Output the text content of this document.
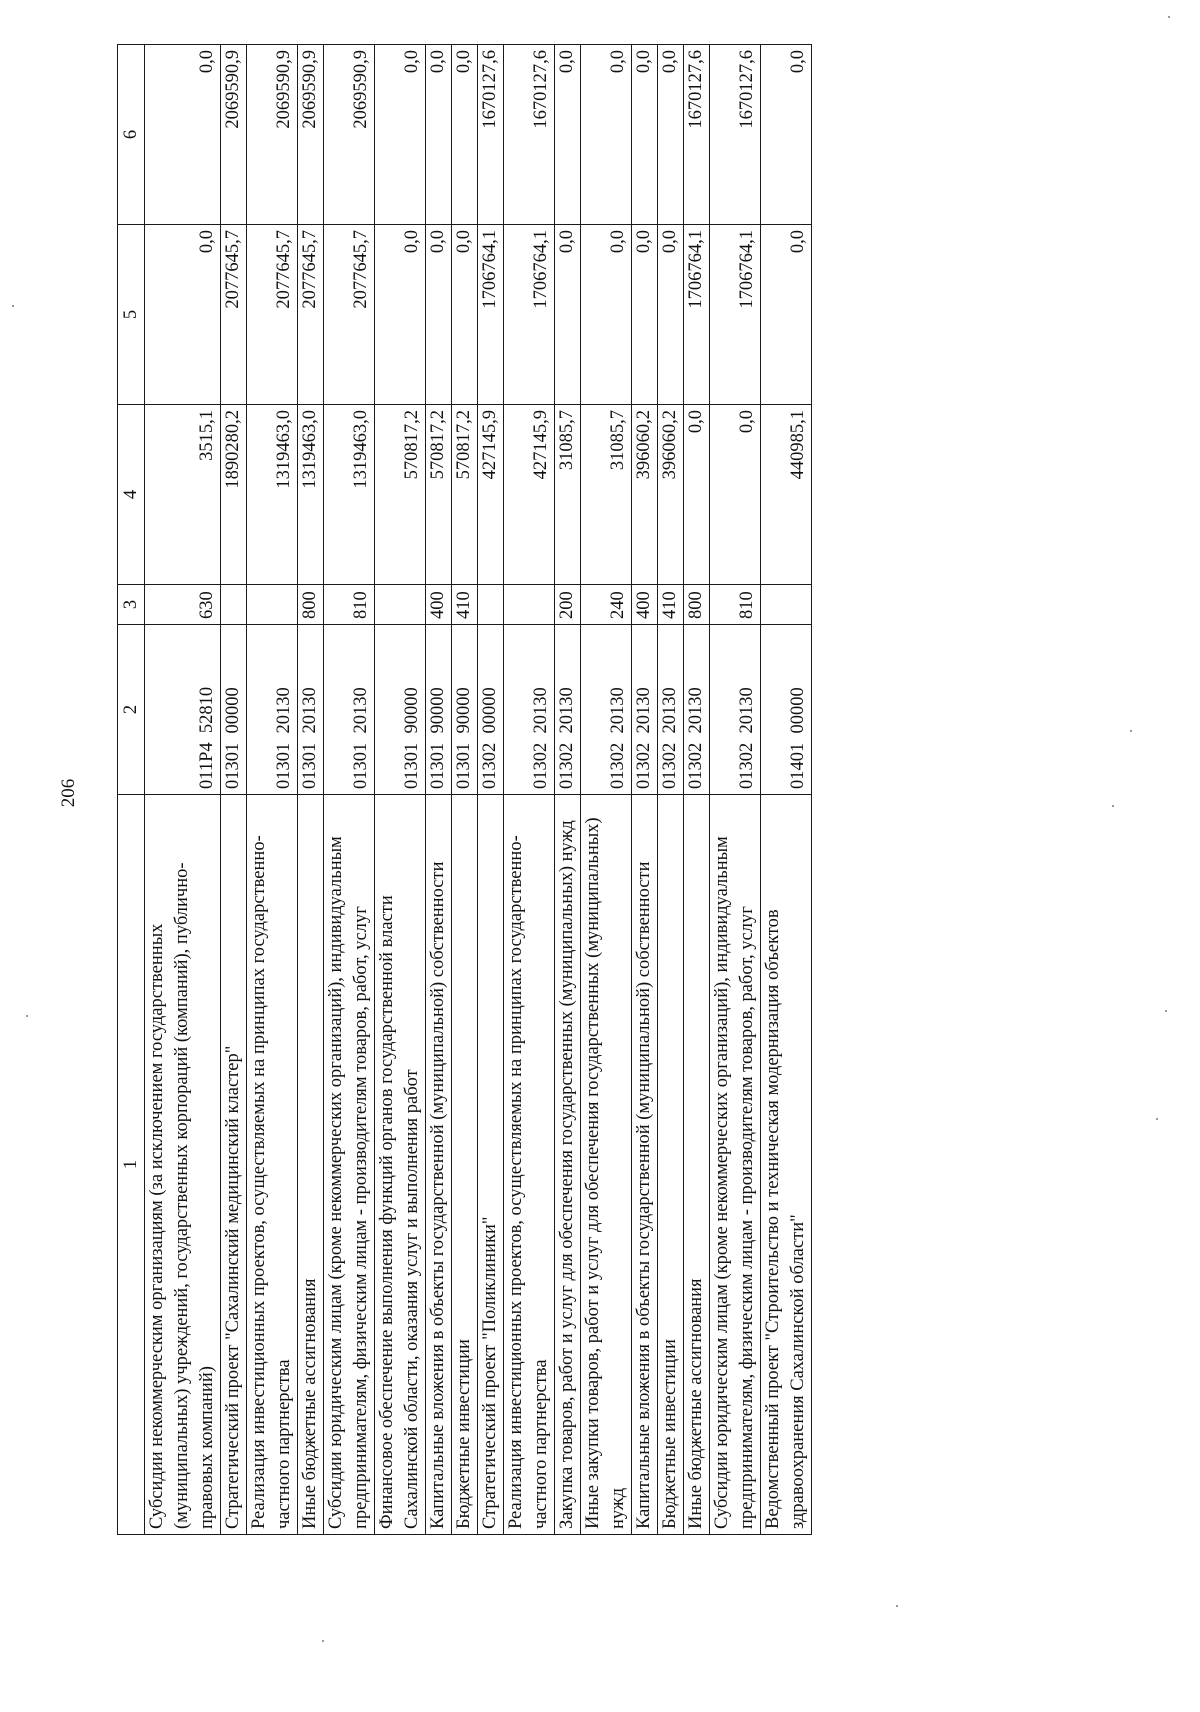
206
1	2	3	4	5	6
Субсидии некоммерческим организациям (за исключением государственных (муниципальных) учреждений, государственных корпораций (компаний), публично-правовых компаний)	011P4  52810	630	3515,1	0,0	0,0
Стратегический проект "Сахалинский медицинский кластер"	01301  00000		1890280,2	2077645,7	2069590,9
Реализация инвестиционных проектов, осуществляемых на принципах государственно-частного партнерства	01301  20130		1319463,0	2077645,7	2069590,9
Иные бюджетные ассигнования	01301  20130	800	1319463,0	2077645,7	2069590,9
Субсидии юридическим лицам (кроме некоммерческих организаций), индивидуальным предпринимателям, физическим лицам - производителям товаров, работ, услуг	01301  20130	810	1319463,0	2077645,7	2069590,9
Финансовое обеспечение выполнения функций органов государственной власти Сахалинской области, оказания услуг и выполнения работ	01301  90000		570817,2	0,0	0,0
Капитальные вложения в объекты государственной (муниципальной) собственности	01301  90000	400	570817,2	0,0	0,0
Бюджетные инвестиции	01301  90000	410	570817,2	0,0	0,0
Стратегический проект "Поликлиники"	01302  00000		427145,9	1706764,1	1670127,6
Реализация инвестиционных проектов, осуществляемых на принципах государственно-частного партнерства	01302  20130		427145,9	1706764,1	1670127,6
Закупка товаров, работ и услуг для обеспечения государственных (муниципальных) нужд	01302  20130	200	31085,7	0,0	0,0
Иные закупки товаров, работ и услуг для обеспечения государственных (муниципальных) нужд	01302  20130	240	31085,7	0,0	0,0
Капитальные вложения в объекты государственной (муниципальной) собственности	01302  20130	400	396060,2	0,0	0,0
Бюджетные инвестиции	01302  20130	410	396060,2	0,0	0,0
Иные бюджетные ассигнования	01302  20130	800	0,0	1706764,1	1670127,6
Субсидии юридическим лицам (кроме некоммерческих организаций), индивидуальным предпринимателям, физическим лицам - производителям товаров, работ, услуг	01302  20130	810	0,0	1706764,1	1670127,6
Ведомственный проект "Строительство и техническая модернизация объектов здравоохранения Сахалинской области"	01401  00000		440985,1	0,0	0,0
